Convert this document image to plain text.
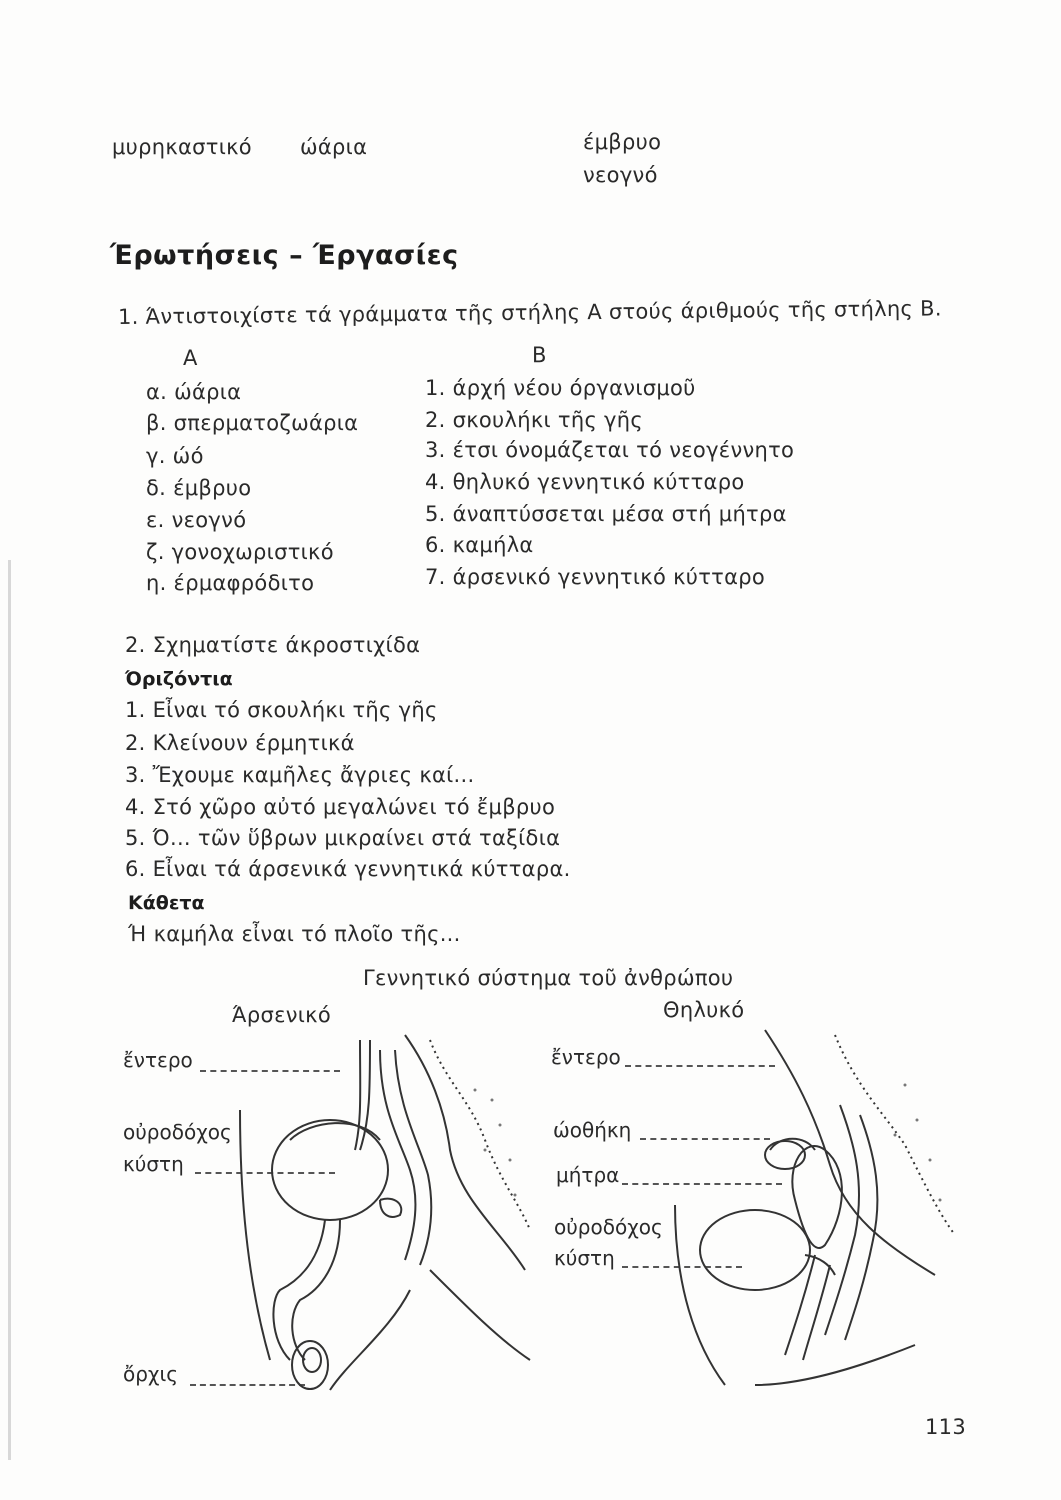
μυρηκαστικό ώάρια	έμβρυο
νεογνό
Έρωτήσεις – Έργασίες
1. Άντιστοιχίστε τά γράμματα τῆς στήλης Α στούς άριθμούς τῆς στήλης Β.
Α	Β
α. ώάρια
β. σπερματοζωάρια
γ. ώό
δ. έμβρυο
ε. νεογνό
ζ. γονοχωριστικό
η. έρμαφρόδιτο
1. άρχή νέου όργανισμοῦ
2. σκουλήκι τῆς γῆς
3. έτσι όνομάζεται τό νεογέννητο
4. θηλυκό γεννητικό κύτταρο
5. άναπτύσσεται μέσα στή μήτρα
6. καμήλα
7. άρσενικό γεννητικό κύτταρο
2. Σχηματίστε άκροστιχίδα
Όριζόντια
1. Εἶναι τό σκουλήκι τῆς γῆς
2. Κλείνουν έρμητικά
3. Ἔχουμε καμῆλες ἄγριες καί...
4. Στό χῶρο αὐτό μεγαλώνει τό ἔμβρυο
5. Ό... τῶν ὕβρων μικραίνει στά ταξίδια
6. Εἶναι τά άρσενικά γεννητικά κύτταρα.
Κάθετα
Ή καμήλα εἶναι τό πλοῖο τῆς...
Γεννητικό σύστημα τοῦ ἀνθρώπου
Άρσενικό	Θηλυκό
ἔντερο
οὐροδόχος
κύστη
ὄρχις
ἔντερο
ώοθήκη
μήτρα
οὐροδόχος
κύστη
113
